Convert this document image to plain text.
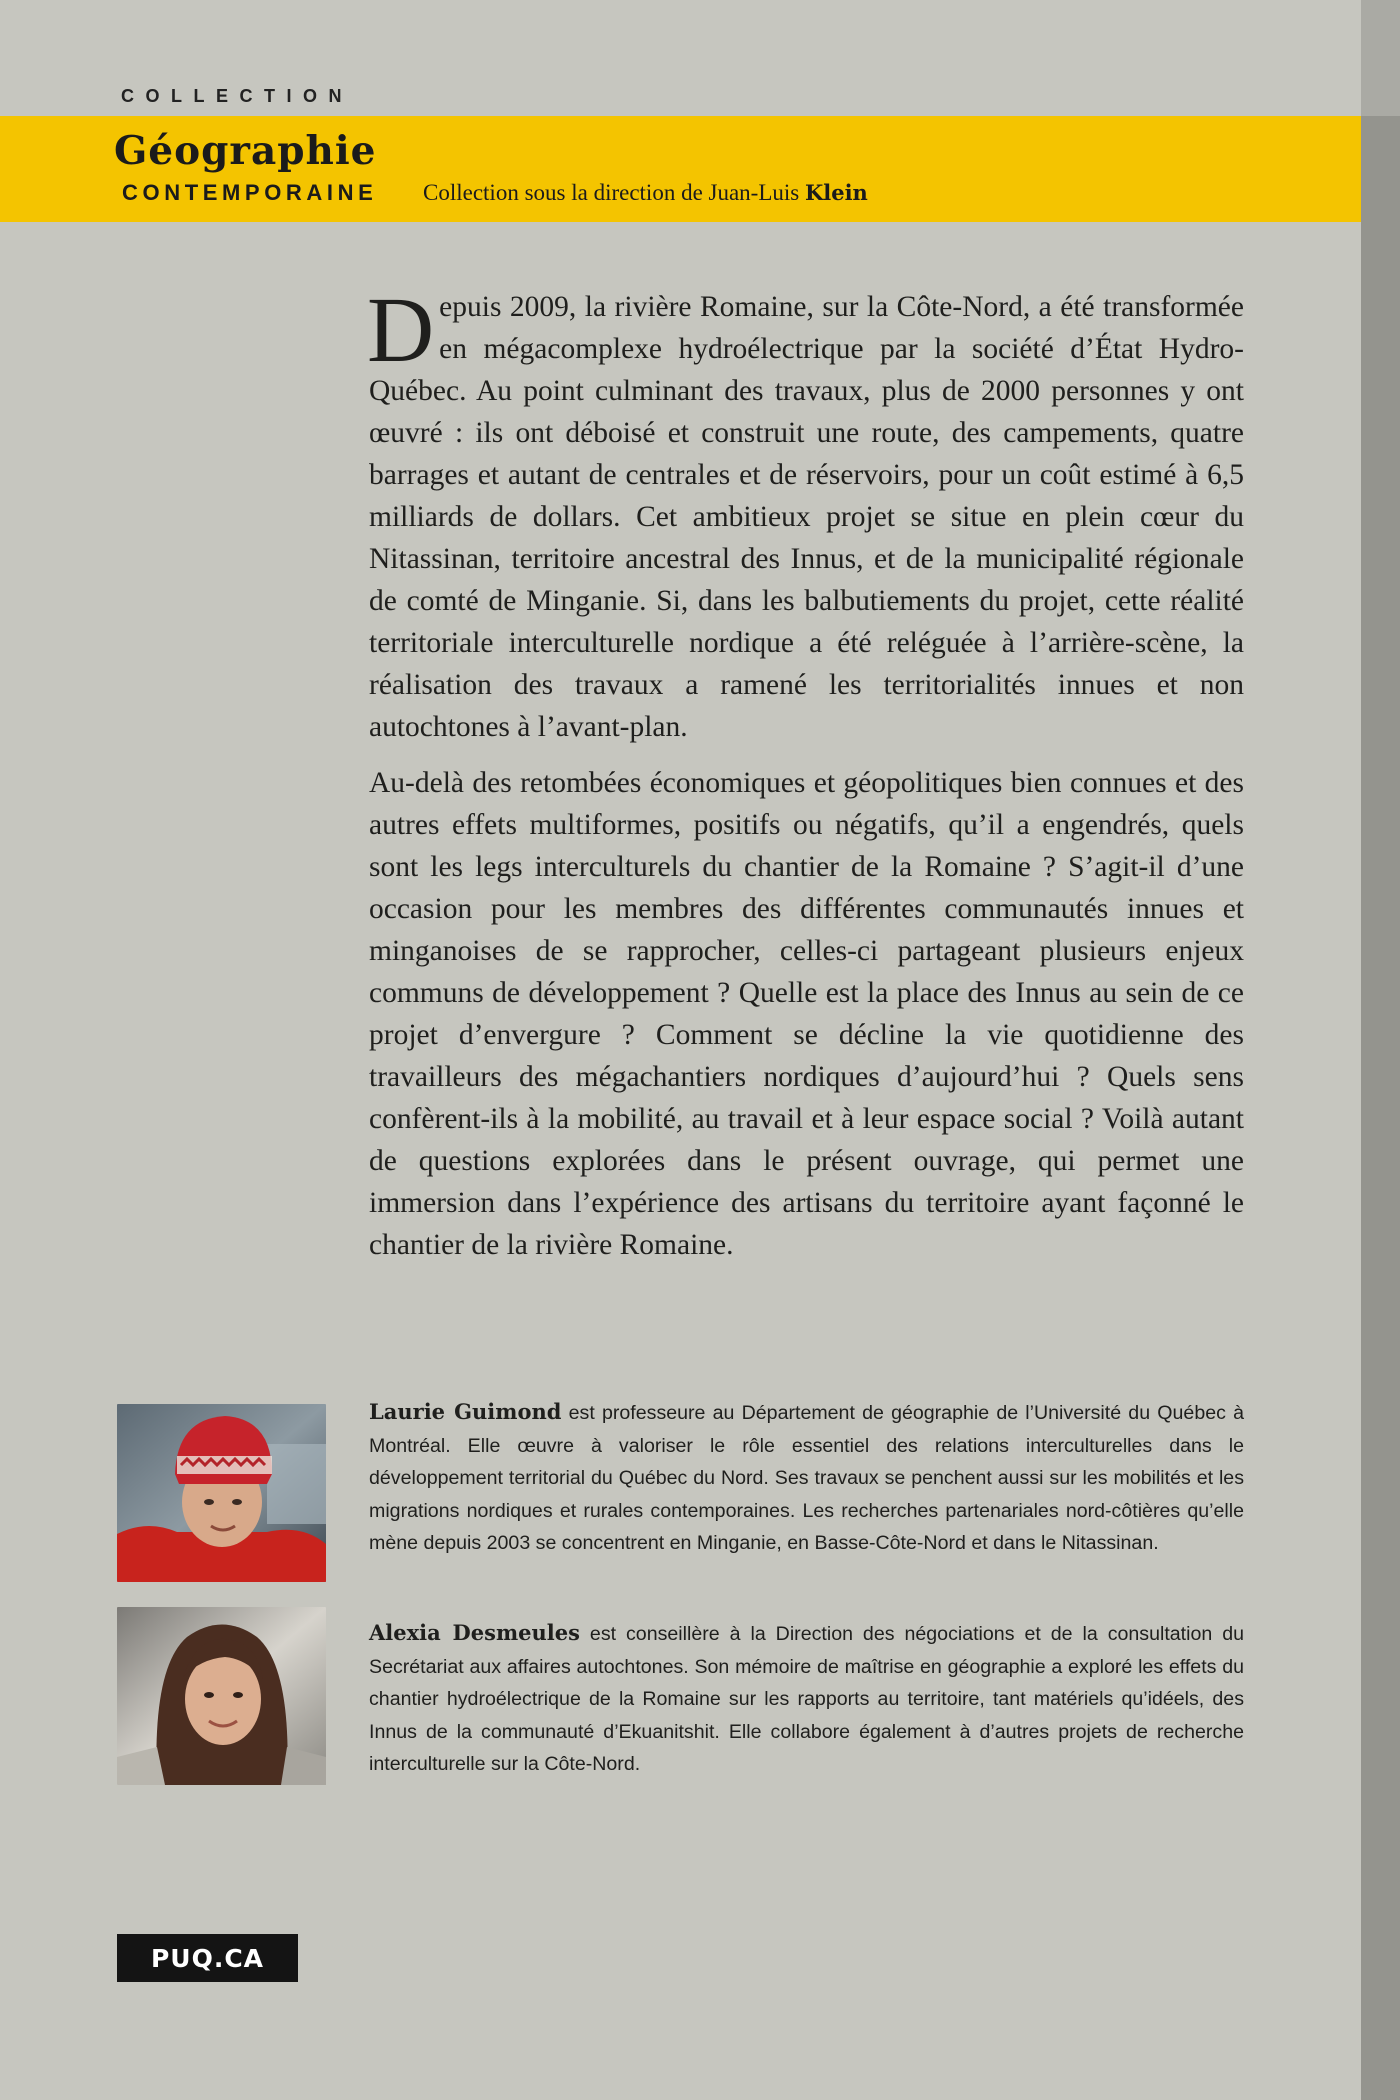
COLLECTION

Géographie

CONTEMPORAINE Collection sous la direction de Juan-Luis Klein

Depuis 2009, la rivière Romaine, sur la Côte-Nord, a été transformée en mégacomplexe hydroélectrique par la société d’État Hydro-Québec. Au point culminant des travaux, plus de 2000 personnes y ont œuvré : ils ont déboisé et construit une route, des campements, quatre barrages et autant de centrales et de réservoirs, pour un coût estimé à 6,5 milliards de dollars. Cet ambitieux projet se situe en plein cœur du Nitassinan, territoire ancestral des Innus, et de la municipalité régionale de comté de Minganie. Si, dans les balbutiements du projet, cette réalité territoriale interculturelle nordique a été reléguée à l’arrière-scène, la réalisation des travaux a ramené les territorialités innues et non autochtones à l’avant-plan.

Au-delà des retombées économiques et géopolitiques bien connues et des autres effets multiformes, positifs ou négatifs, qu’il a engendrés, quels sont les legs interculturels du chantier de la Romaine ? S’agit-il d’une occasion pour les membres des différentes communautés innues et minganoises de se rapprocher, celles-ci partageant plusieurs enjeux communs de développement ? Quelle est la place des Innus au sein de ce projet d’envergure ? Comment se décline la vie quotidienne des travailleurs des mégachantiers nordiques d’aujourd’hui ? Quels sens confèrent-ils à la mobilité, au travail et à leur espace social ? Voilà autant de questions explorées dans le présent ouvrage, qui permet une immersion dans l’expérience des artisans du territoire ayant façonné le chantier de la rivière Romaine.

Laurie Guimond est professeure au Département de géographie de l’Université du Québec à Montréal. Elle œuvre à valoriser le rôle essentiel des relations interculturelles dans le développement territorial du Québec du Nord. Ses travaux se penchent aussi sur les mobilités et les migrations nordiques et rurales contemporaines. Les recherches partenariales nord-côtières qu’elle mène depuis 2003 se concentrent en Minganie, en Basse-Côte-Nord et dans le Nitassinan.

Alexia Desmeules est conseillère à la Direction des négociations et de la consultation du Secrétariat aux affaires autochtones. Son mémoire de maîtrise en géographie a exploré les effets du chantier hydroélectrique de la Romaine sur les rapports au territoire, tant matériels qu’idéels, des Innus de la communauté d’Ekuanitshit. Elle collabore également à d’autres projets de recherche interculturelle sur la Côte-Nord.

PUQ.CA
